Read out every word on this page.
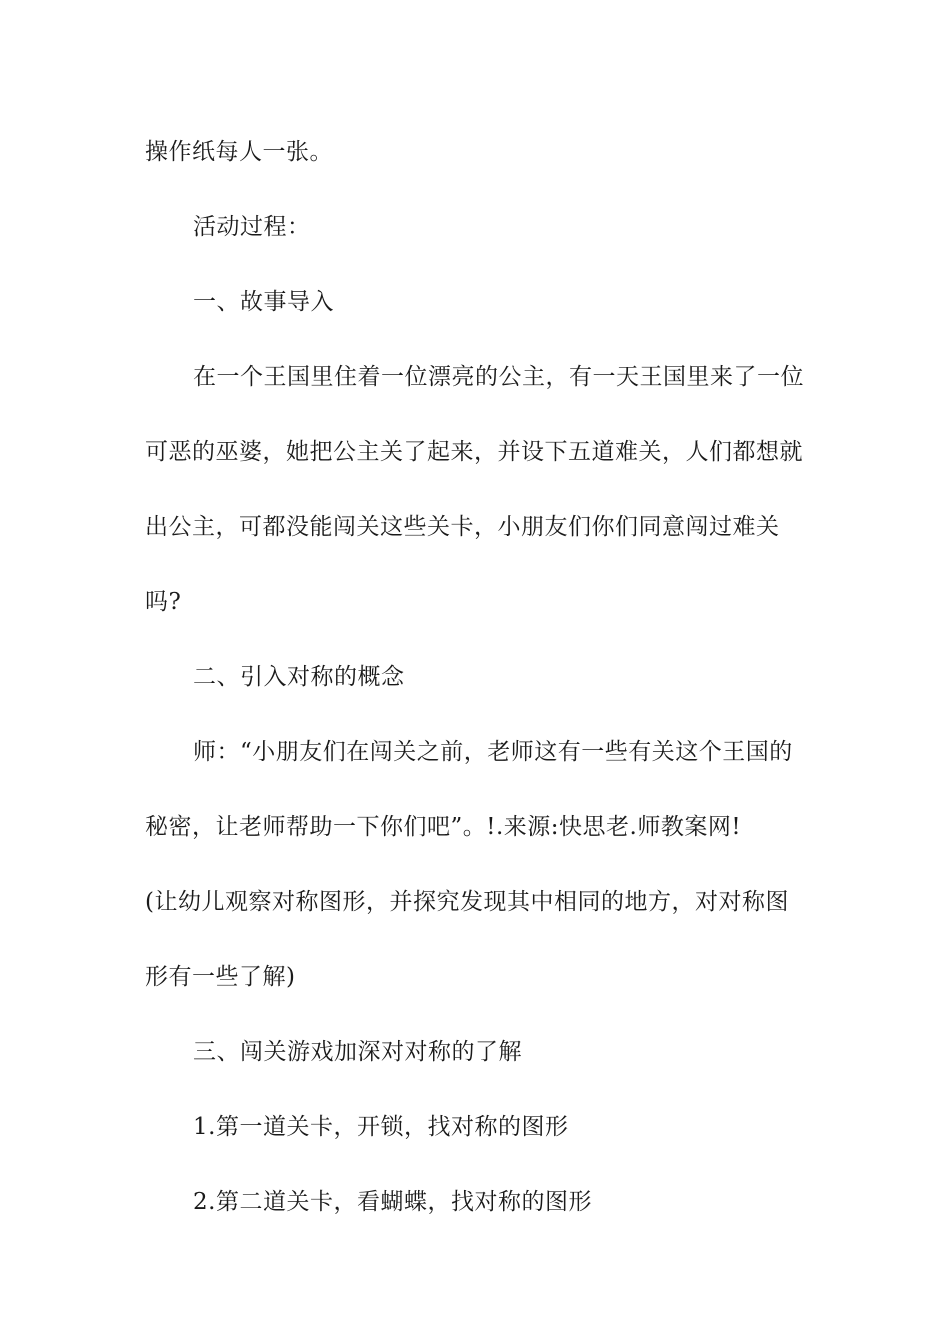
操作纸每人一张。

活动过程：

一、故事导入

在一个王国里住着一位漂亮的公主，有一天王国里来了一位可恶的巫婆，她把公主关了起来，并设下五道难关，人们都想就出公主，可都没能闯关这些关卡，小朋友们你们同意闯过难关吗?

二、引入对称的概念

师：“小朋友们在闯关之前，老师这有一些有关这个王国的秘密，让老师帮助一下你们吧”。!.来源:快思老.师教案网!

(让幼儿观察对称图形，并探究发现其中相同的地方，对对称图形有一些了解)

三、闯关游戏加深对对称的了解

1.第一道关卡，开锁，找对称的图形

2.第二道关卡，看蝴蝶，找对称的图形
